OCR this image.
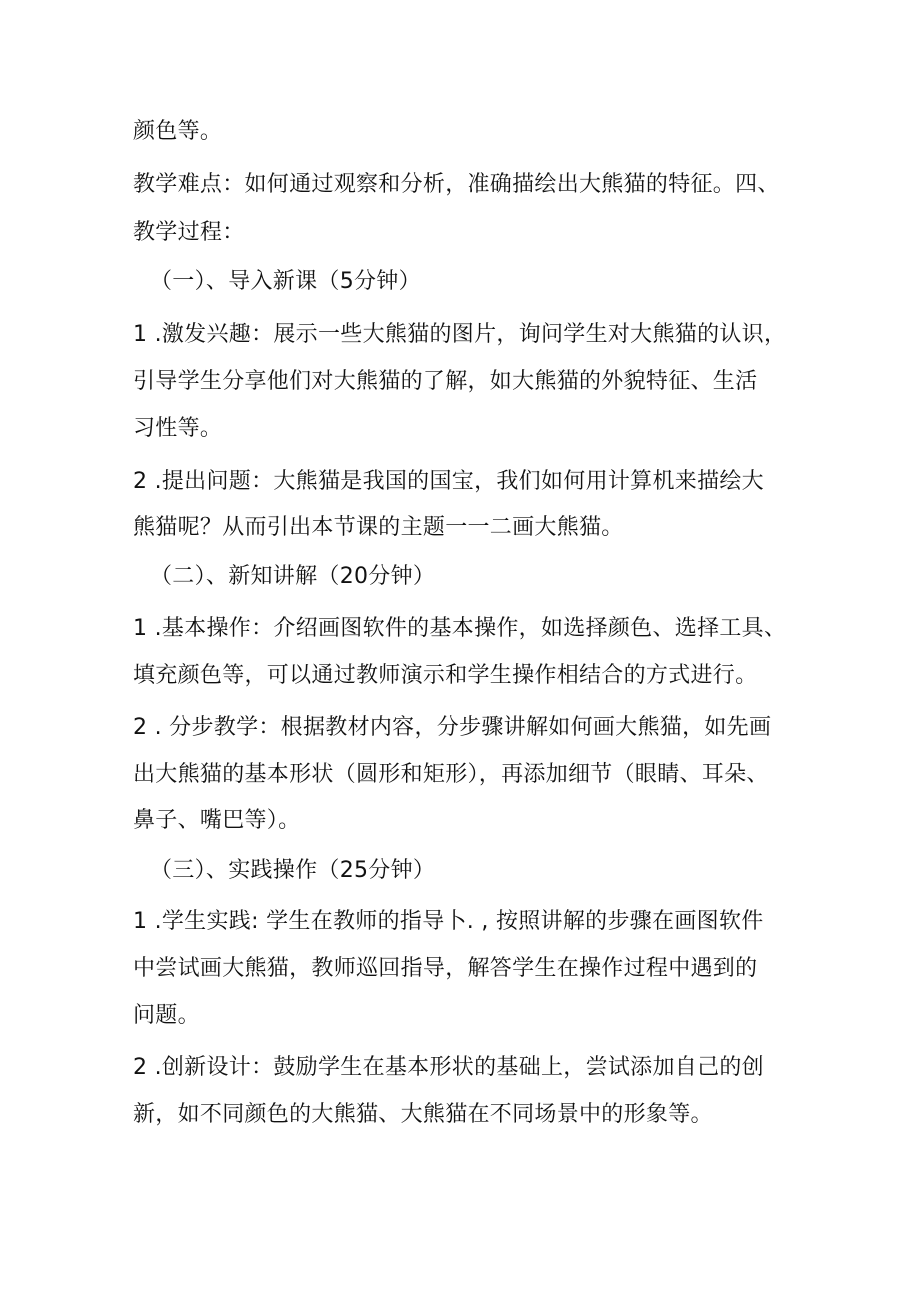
颜色等。
教学难点：如何通过观察和分析，准确描绘出大熊猫的特征。四、
教学过程：
（一）、导入新课（5分钟）
1 .激发兴趣：展示一些大熊猫的图片，询问学生对大熊猫的认识，
引导学生分享他们对大熊猫的了解，如大熊猫的外貌特征、生活
习性等。
2 .提出问题：大熊猫是我国的国宝，我们如何用计算机来描绘大
熊猫呢？从而引出本节课的主题一一二画大熊猫。
（二）、新知讲解（20分钟）
1 .基本操作：介绍画图软件的基本操作，如选择颜色、选择工具、
填充颜色等，可以通过教师演示和学生操作相结合的方式进行。
2 . 分步教学：根据教材内容，分步骤讲解如何画大熊猫，如先画
出大熊猫的基本形状（圆形和矩形），再添加细节（眼睛、耳朵、
鼻子、嘴巴等）。
（三）、实践操作（25分钟）
1 .学生实践: 学生在教师的指导卜. , 按照讲解的步骤在画图软件
中尝试画大熊猫，教师巡回指导，解答学生在操作过程中遇到的
问题。
2 .创新设计：鼓励学生在基本形状的基础上，尝试添加自己的创
新，如不同颜色的大熊猫、大熊猫在不同场景中的形象等。
